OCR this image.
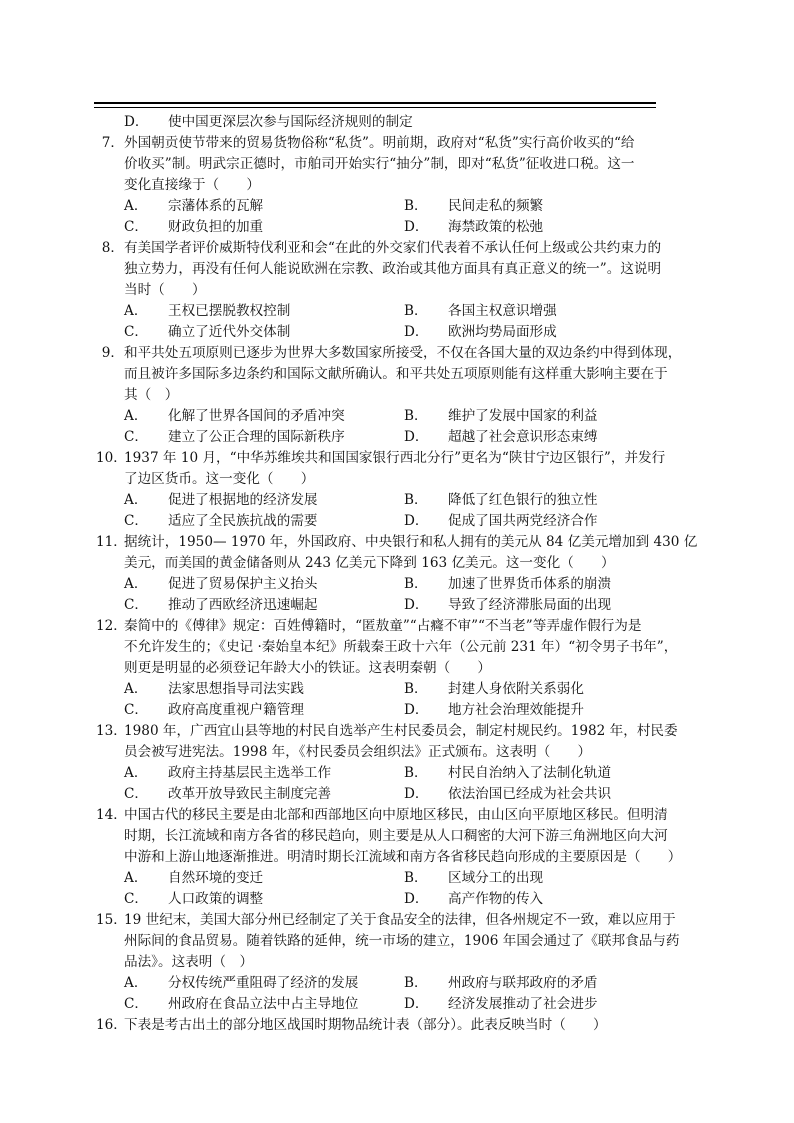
D． 使中国更深层次参与国际经济规则的制定
7．外国朝贡使节带来的贸易货物俗称“私货”。明前期，政府对“私货”实行高价收买的“给
价收买”制。明武宗正德时，市舶司开始实行“抽分”制，即对“私货”征收进口税。这一
变化直接缘于（　　）
A． 宗藩体系的瓦解	B． 民间走私的频繁
C． 财政负担的加重	D． 海禁政策的松弛
8．有美国学者评价威斯特伐利亚和会“在此的外交家们代表着不承认任何上级或公共约束力的
独立势力，再没有任何人能说欧洲在宗教、政治或其他方面具有真正意义的统一”。这说明
当时（　　）
A． 王权已摆脱教权控制	B． 各国主权意识增强
C． 确立了近代外交体制	D． 欧洲均势局面形成
9．和平共处五项原则已逐步为世界大多数国家所接受，不仅在各国大量的双边条约中得到体现，
而且被许多国际多边条约和国际文献所确认。和平共处五项原则能有这样重大影响主要在于
其（　）
A． 化解了世界各国间的矛盾冲突	B． 维护了发展中国家的利益
C． 建立了公正合理的国际新秩序	D． 超越了社会意识形态束缚
10．1937 年 10 月，“中华苏维埃共和国国家银行西北分行”更名为“陕甘宁边区银行”，并发行
了边区货币。这一变化（　　）
A． 促进了根据地的经济发展	B． 降低了红色银行的独立性
C． 适应了全民族抗战的需要	D． 促成了国共两党经济合作
11．据统计，1950— 1970 年，外国政府、中央银行和私人拥有的美元从 84 亿美元增加到 430 亿
美元，而美国的黄金储备则从 243 亿美元下降到 163 亿美元。这一变化（　　）
A． 促进了贸易保护主义抬头	B． 加速了世界货币体系的崩溃
C． 推动了西欧经济迅速崛起	D． 导致了经济滞胀局面的出现
12．秦简中的《傅律》规定：百姓傅籍时，“匿敖童”“占癃不审”“不当老”等弄虚作假行为是
不允许发生的；《史记 ·秦始皇本纪》所载秦王政十六年（公元前 231 年）“初令男子书年”，
则更是明显的必须登记年龄大小的铁证。这表明秦朝（　　）
A． 法家思想指导司法实践	B． 封建人身依附关系弱化
C． 政府高度重视户籍管理	D． 地方社会治理效能提升
13．1980 年，广西宜山县等地的村民自选举产生村民委员会，制定村规民约。1982 年，村民委
员会被写进宪法。1998 年，《村民委员会组织法》正式颁布。这表明（　　）
A． 政府主持基层民主选举工作	B． 村民自治纳入了法制化轨道
C． 改革开放导致民主制度完善	D． 依法治国已经成为社会共识
14．中国古代的移民主要是由北部和西部地区向中原地区移民，由山区向平原地区移民。但明清
时期，长江流域和南方各省的移民趋向，则主要是从人口稠密的大河下游三角洲地区向大河
中游和上游山地逐渐推进。明清时期长江流域和南方各省移民趋向形成的主要原因是（　　）
A． 自然环境的变迁	B． 区域分工的出现
C． 人口政策的调整	D． 高产作物的传入
15．19 世纪末，美国大部分州已经制定了关于食品安全的法律，但各州规定不一致，难以应用于
州际间的食品贸易。随着铁路的延伸，统一市场的建立，1906 年国会通过了《联邦食品与药
品法》。这表明（　）
A． 分权传统严重阻碍了经济的发展	B． 州政府与联邦政府的矛盾
C． 州政府在食品立法中占主导地位	D． 经济发展推动了社会进步
16．下表是考古出土的部分地区战国时期物品统计表（部分）。此表反映当时（　　）
